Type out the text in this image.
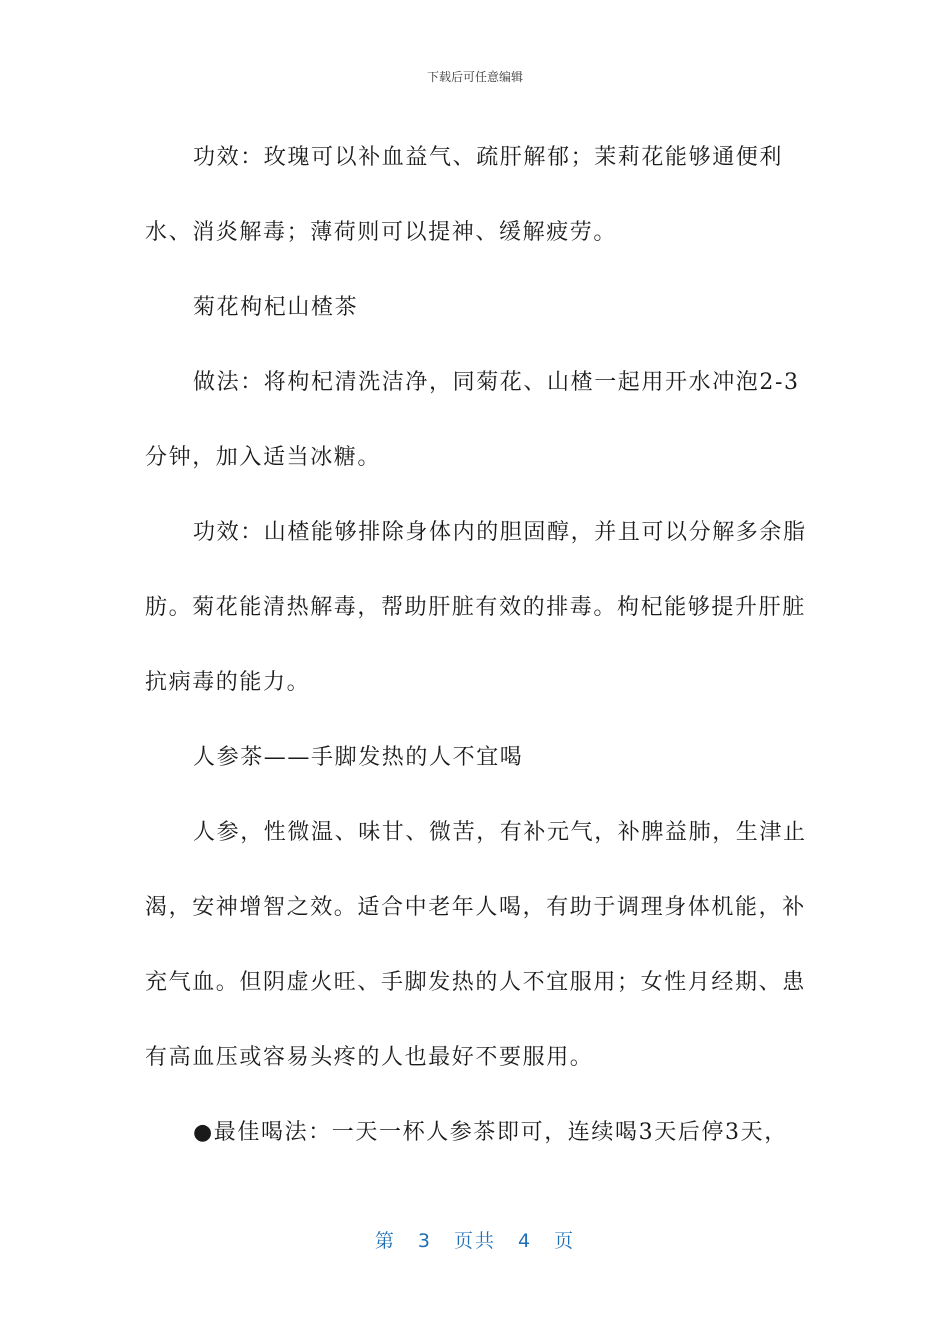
下载后可任意编辑

功效：玫瑰可以补血益气、疏肝解郁；茉莉花能够通便利水、消炎解毒；薄荷则可以提神、缓解疲劳。

菊花枸杞山楂茶

做法：将枸杞清洗洁净，同菊花、山楂一起用开水冲泡2-3分钟，加入适当冰糖。

功效：山楂能够排除身体内的胆固醇，并且可以分解多余脂肪。菊花能清热解毒，帮助肝脏有效的排毒。枸杞能够提升肝脏抗病毒的能力。

人参茶——手脚发热的人不宜喝

人参，性微温、味甘、微苦，有补元气，补脾益肺，生津止渴，安神增智之效。适合中老年人喝，有助于调理身体机能，补充气血。但阴虚火旺、手脚发热的人不宜服用；女性月经期、患有高血压或容易头疼的人也最好不要服用。

●最佳喝法：一天一杯人参茶即可，连续喝3天后停3天，

第 3 页共 4 页
